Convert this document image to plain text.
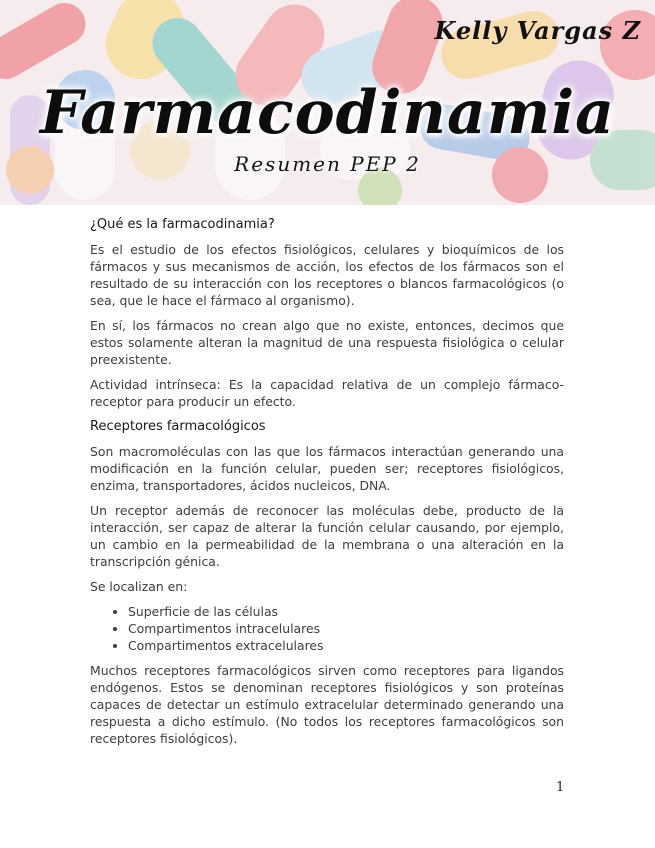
Kelly Vargas Z
Farmacodinamia
Resumen PEP 2
¿Qué es la farmacodinamia?

Es el estudio de los efectos fisiológicos, celulares y bioquímicos de los fármacos y sus mecanismos de acción, los efectos de los fármacos son el resultado de su interacción con los receptores o blancos farmacológicos (o sea, que le hace el fármaco al organismo).

En sí, los fármacos no crean algo que no existe, entonces, decimos que estos solamente alteran la magnitud de una respuesta fisiológica o celular preexistente.

Actividad intrínseca: Es la capacidad relativa de un complejo fármaco-receptor para producir un efecto.

Receptores farmacológicos

Son macromoléculas con las que los fármacos interactúan generando una modificación en la función celular, pueden ser; receptores fisiológicos, enzima, transportadores, ácidos nucleicos, DNA.

Un receptor además de reconocer las moléculas debe, producto de la interacción, ser capaz de alterar la función celular causando, por ejemplo, un cambio en la permeabilidad de la membrana o una alteración en la transcripción génica.

Se localizan en:

• Superficie de las células
• Compartimentos intracelulares
• Compartimentos extracelulares

Muchos receptores farmacológicos sirven como receptores para ligandos endógenos. Estos se denominan receptores fisiológicos y son proteínas capaces de detectar un estímulo extracelular determinado generando una respuesta a dicho estímulo. (No todos los receptores farmacológicos son receptores fisiológicos).

1
